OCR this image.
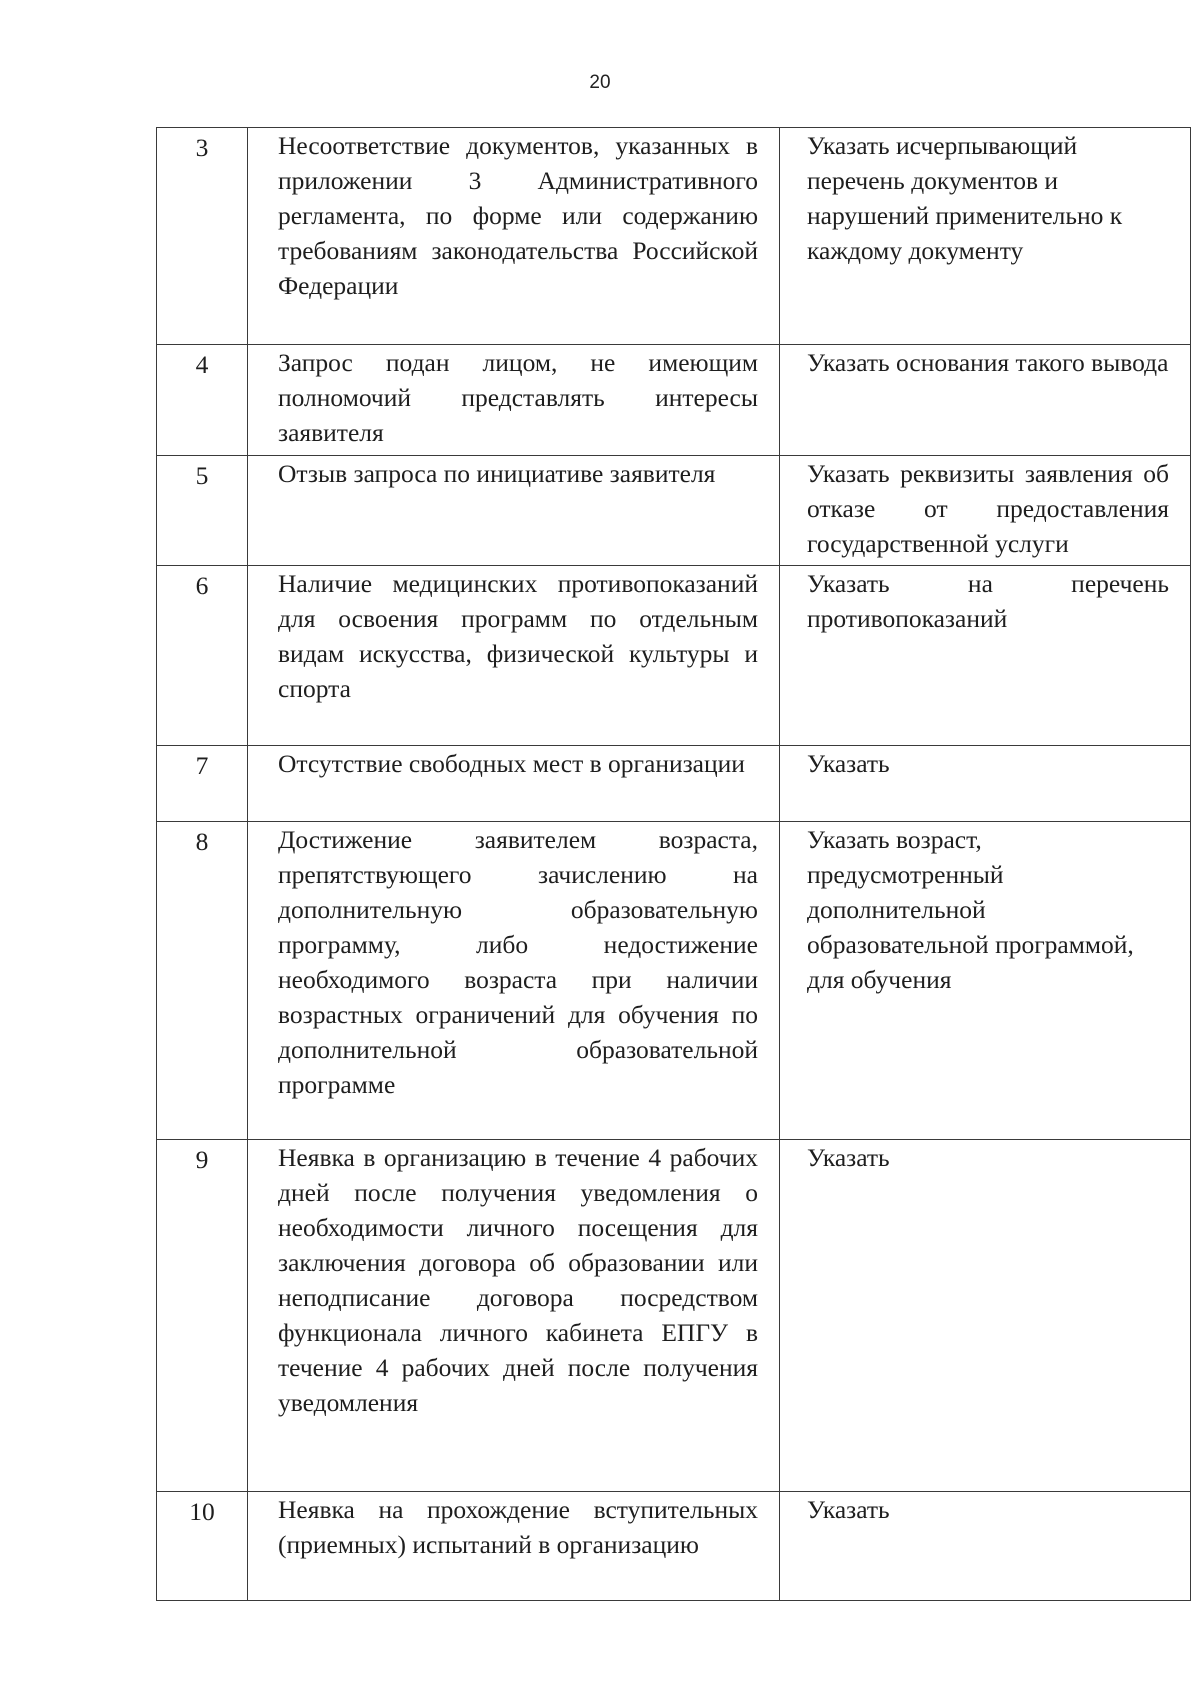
20
3	Несоответствие документов, указанных в приложении 3 Административного регламента, по форме или содержанию требованиям законодательства Российской Федерации	Указать исчерпывающий перечень документов и нарушений применительно к каждому документу

4	Запрос подан лицом, не имеющим полномочий представлять интересы заявителя	Указать основания такого вывода

5	Отзыв запроса по инициативе заявителя	Указать реквизиты заявления об отказе от предоставления государственной услуги

6	Наличие медицинских противопоказаний для освоения программ по отдельным видам искусства, физической культуры и спорта	Указать на перечень противопоказаний

7	Отсутствие свободных мест в организации	Указать

8	Достижение заявителем возраста, препятствующего зачислению на дополнительную образовательную программу, либо недостижение необходимого возраста при наличии возрастных ограничений для обучения по дополнительной образовательной программе	Указать возраст, предусмотренный дополнительной образовательной программой, для обучения

9	Неявка в организацию в течение 4 рабочих дней после получения уведомления о необходимости личного посещения для заключения договора об образовании или неподписание договора посредством функционала личного кабинета ЕПГУ в течение 4 рабочих дней после получения уведомления	Указать

10	Неявка на прохождение вступительных (приемных) испытаний в организацию	Указать
